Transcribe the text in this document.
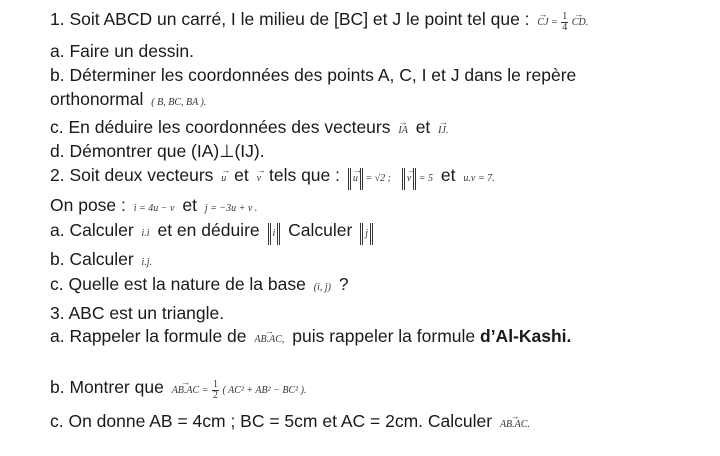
1. Soit ABCD un carré, I le milieu de [BC] et J le point tel que : → CJ = $\frac{1}{4}$ → CD.
a. Faire un dessin.
b. Déterminer les coordonnées des points A, C, I et J dans le repère
orthonormal ( B, BC, BA ).
c. En déduire les coordonnées des vecteurs → IA et → IJ.
d. Démontrer que (IA)⊥(IJ).
2. Soit deux vecteurs → u et → v tels que : → u = √2 ; → v = 5 et u.v = 7.
On pose : i = 4u − v et j = −3u + v .
a. Calculer i.i et en déduire i Calculer j
b. Calculer i.j.
c. Quelle est la nature de la base (i, j) ?
3. ABC est un triangle.
a. Rappeler la formule de → AB.AC, puis rappeler la formule d’Al-Kashi.
b. Montrer que → $AB.AC = \frac{1}{2}$ ( AC² + AB² − BC² ).
c. On donne AB = 4cm ; BC = 5cm et AC = 2cm. Calculer → AB.AC.
